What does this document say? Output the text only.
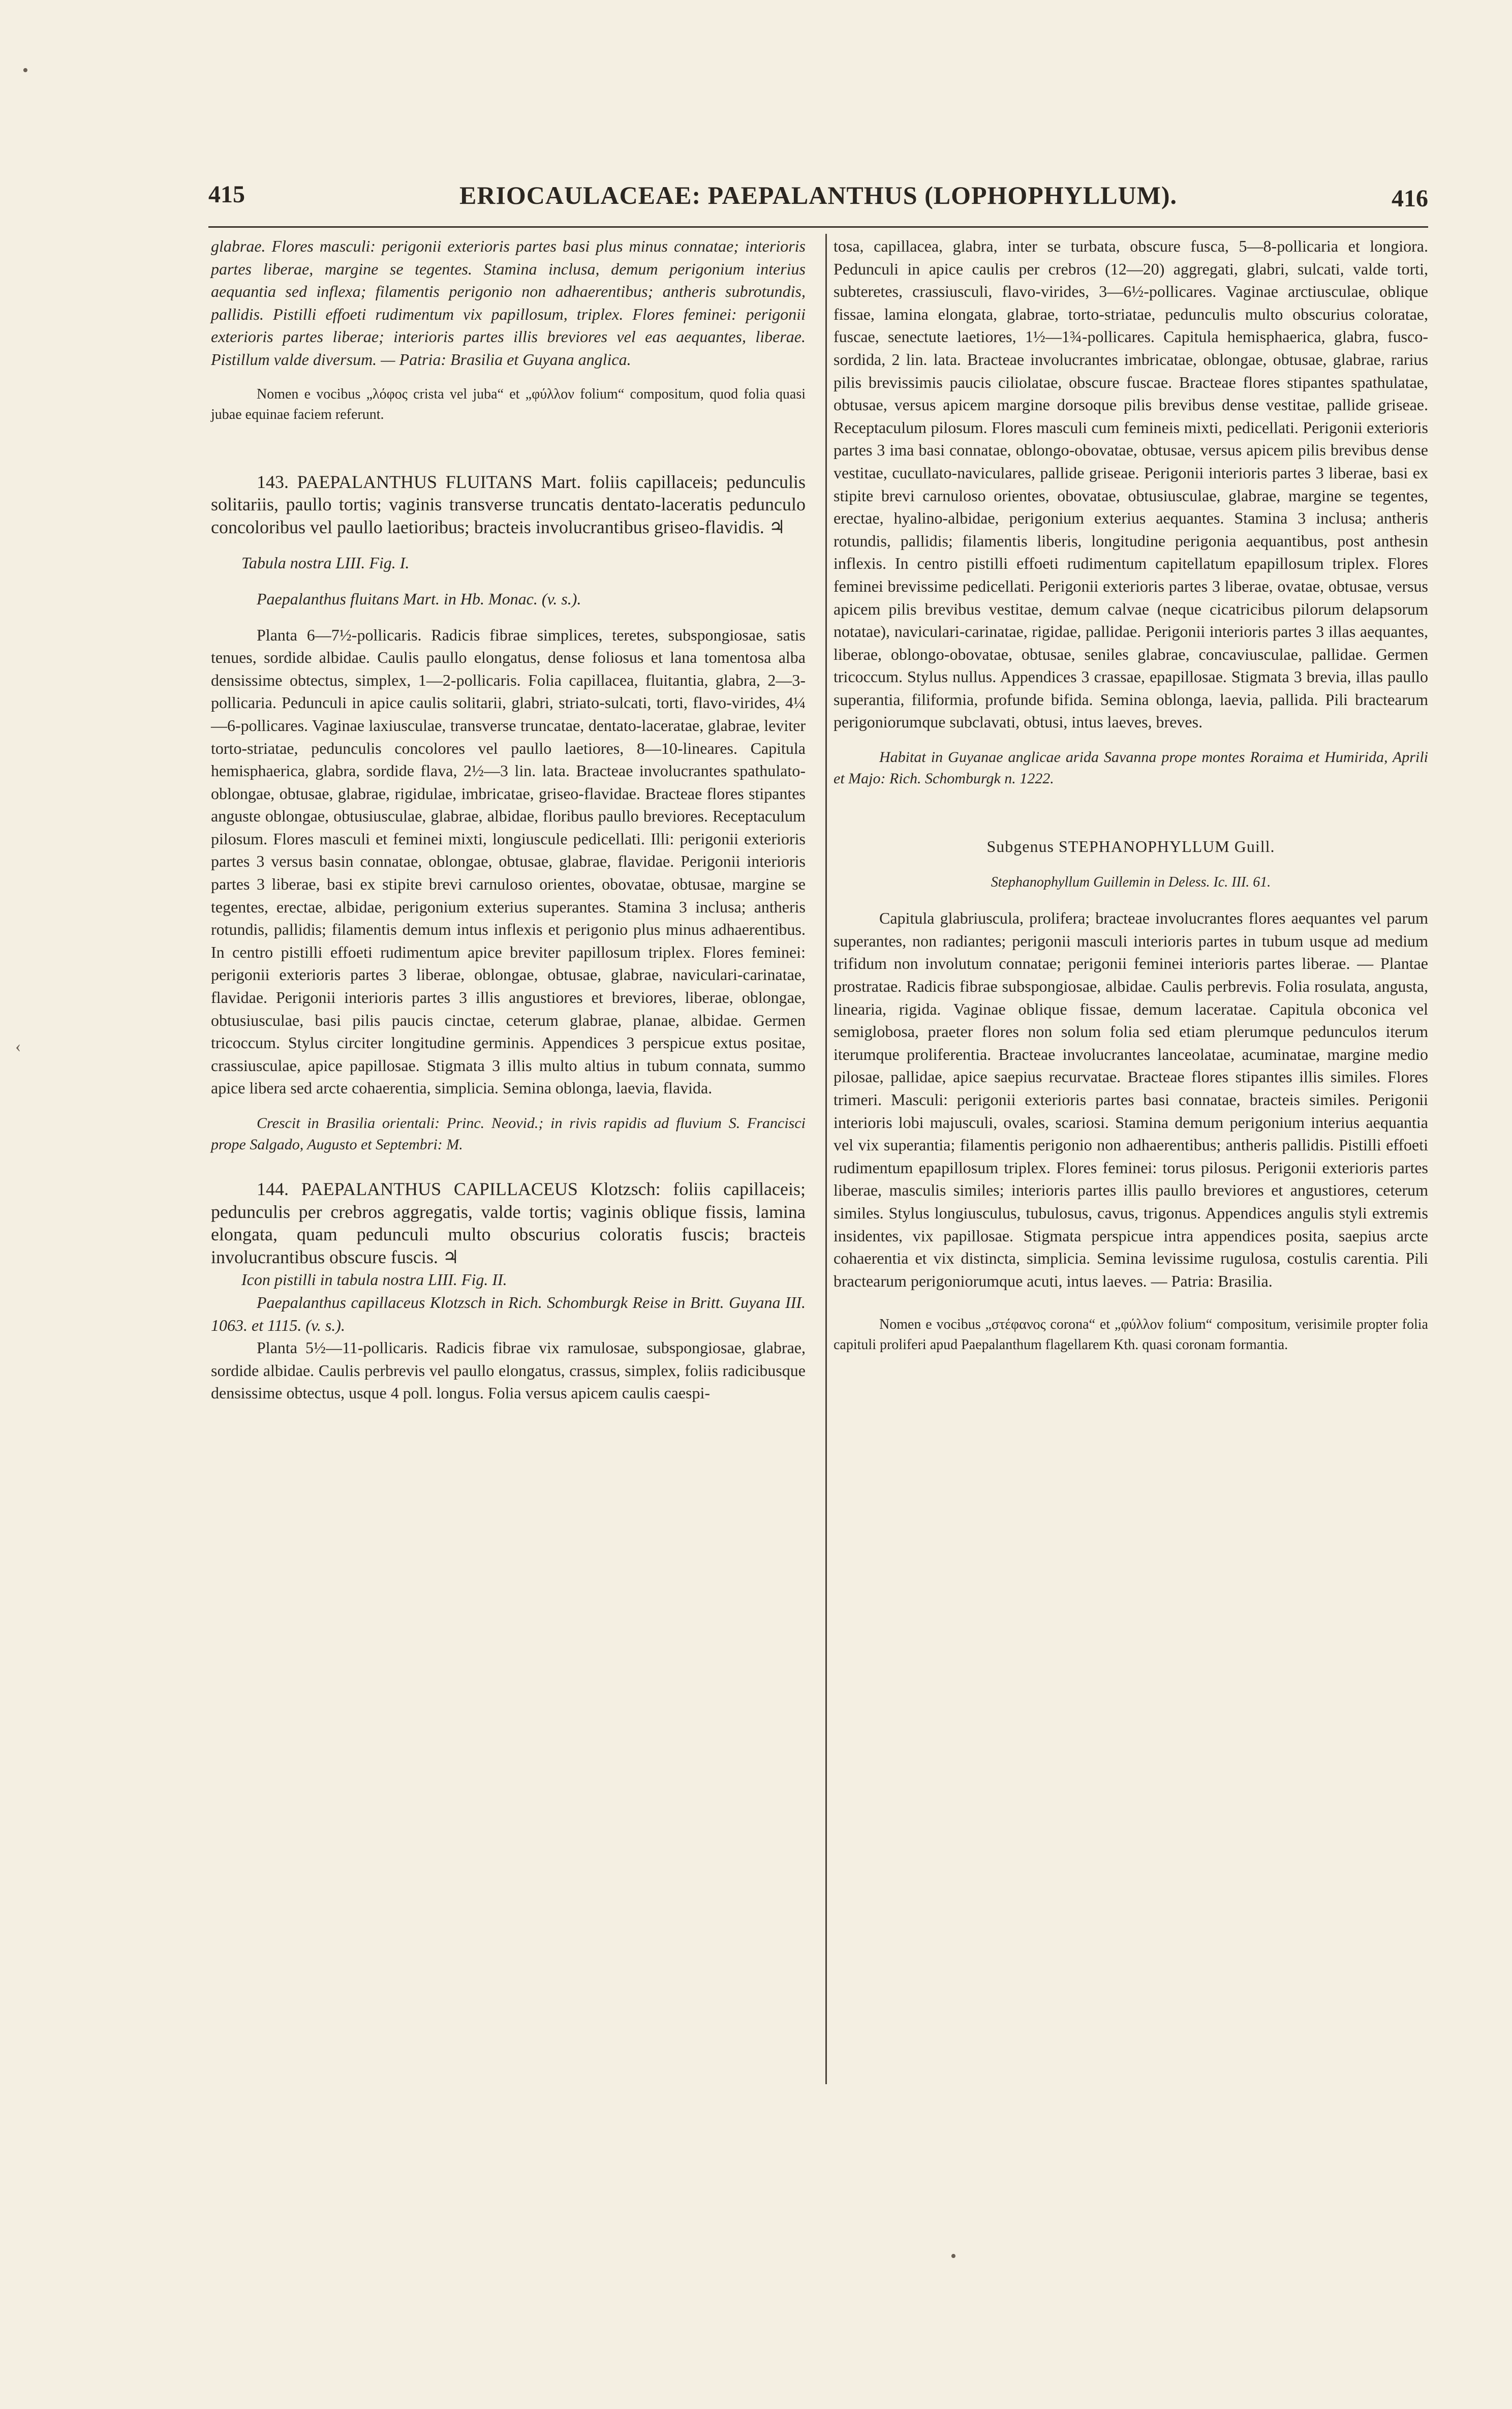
415	ERIOCAULACEAE: PAEPALANTHUS (LOPHOPHYLLUM).	416

glabrae. Flores masculi: perigonii exterioris partes basi plus minus connatae; interioris partes liberae, margine se tegentes. Stamina inclusa, demum perigonium interius aequantia sed inflexa; filamentis perigonio non adhaerentibus; antheris subrotundis, pallidis. Pistilli effoeti rudimentum vix papillosum, triplex. Flores feminei: perigonii exterioris partes liberae; interioris partes illis breviores vel eas aequantes, liberae. Pistillum valde diversum. — Patria: Brasilia et Guyana anglica.

Nomen e vocibus „λόφος crista vel juba“ et „φύλλον folium“ compositum, quod folia quasi jubae equinae faciem referunt.

143. PAEPALANTHUS FLUITANS Mart. foliis capillaceis; pedunculis solitariis, paullo tortis; vaginis transverse truncatis dentato-laceratis pedunculo concoloribus vel paullo laetioribus; bracteis involucrantibus griseo-flavidis. ♃

Tabula nostra LIII. Fig. I.

Paepalanthus fluitans Mart. in Hb. Monac. (v. s.).

Planta 6—7½-pollicaris. Radicis fibrae simplices, teretes, subspongiosae, satis tenues, sordide albidae. Caulis paullo elongatus, dense foliosus et lana tomentosa alba densissime obtectus, simplex, 1—2-pollicaris. Folia capillacea, fluitantia, glabra, 2—3-pollicaria. Pedunculi in apice caulis solitarii, glabri, striato-sulcati, torti, flavo-virides, 4¼—6-pollicares. Vaginae laxiusculae, transverse truncatae, dentato-laceratae, glabrae, leviter torto-striatae, pedunculis concolores vel paullo laetiores, 8—10-lineares. Capitula hemisphaerica, glabra, sordide flava, 2½—3 lin. lata. Bracteae involucrantes spathulato-oblongae, obtusae, glabrae, rigidulae, imbricatae, griseo-flavidae. Bracteae flores stipantes anguste oblongae, obtusiusculae, glabrae, albidae, floribus paullo breviores. Receptaculum pilosum. Flores masculi et feminei mixti, longiuscule pedicellati. Illi: perigonii exterioris partes 3 versus basin connatae, oblongae, obtusae, glabrae, flavidae. Perigonii interioris partes 3 liberae, basi ex stipite brevi carnuloso orientes, obovatae, obtusae, margine se tegentes, erectae, albidae, perigonium exterius superantes. Stamina 3 inclusa; antheris rotundis, pallidis; filamentis demum intus inflexis et perigonio plus minus adhaerentibus. In centro pistilli effoeti rudimentum apice breviter papillosum triplex. Flores feminei: perigonii exterioris partes 3 liberae, oblongae, obtusae, glabrae, naviculari-carinatae, flavidae. Perigonii interioris partes 3 illis angustiores et breviores, liberae, oblongae, obtusiusculae, basi pilis paucis cinctae, ceterum glabrae, planae, albidae. Germen tricoccum. Stylus circiter longitudine germinis. Appendices 3 perspicue extus positae, crassiusculae, apice papillosae. Stigmata 3 illis multo altius in tubum connata, summo apice libera sed arcte cohaerentia, simplicia. Semina oblonga, laevia, flavida.

Crescit in Brasilia orientali: Princ. Neovid.; in rivis rapidis ad fluvium S. Francisci prope Salgado, Augusto et Septembri: M.

144. PAEPALANTHUS CAPILLACEUS Klotzsch: foliis capillaceis; pedunculis per crebros aggregatis, valde tortis; vaginis oblique fissis, lamina elongata, quam pedunculi multo obscurius coloratis fuscis; bracteis involucrantibus obscure fuscis. ♃

Icon pistilli in tabula nostra LIII. Fig. II.

Paepalanthus capillaceus Klotzsch in Rich. Schomburgk Reise in Britt. Guyana III. 1063. et 1115. (v. s.).

Planta 5½—11-pollicaris. Radicis fibrae vix ramulosae, subspongiosae, glabrae, sordide albidae. Caulis perbrevis vel paullo elongatus, crassus, simplex, foliis radicibusque densissime obtectus, usque 4 poll. longus. Folia versus apicem caulis caespi-

tosa, capillacea, glabra, inter se turbata, obscure fusca, 5—8-pollicaria et longiora. Pedunculi in apice caulis per crebros (12—20) aggregati, glabri, sulcati, valde torti, subteretes, crassiusculi, flavo-virides, 3—6½-pollicares. Vaginae arctiusculae, oblique fissae, lamina elongata, glabrae, torto-striatae, pedunculis multo obscurius coloratae, fuscae, senectute laetiores, 1½—1¾-pollicares. Capitula hemisphaerica, glabra, fusco-sordida, 2 lin. lata. Bracteae involucrantes imbricatae, oblongae, obtusae, glabrae, rarius pilis brevissimis paucis ciliolatae, obscure fuscae. Bracteae flores stipantes spathulatae, obtusae, versus apicem margine dorsoque pilis brevibus dense vestitae, pallide griseae. Receptaculum pilosum. Flores masculi cum femineis mixti, pedicellati. Perigonii exterioris partes 3 ima basi connatae, oblongo-obovatae, obtusae, versus apicem pilis brevibus dense vestitae, cucullato-naviculares, pallide griseae. Perigonii interioris partes 3 liberae, basi ex stipite brevi carnuloso orientes, obovatae, obtusiusculae, glabrae, margine se tegentes, erectae, hyalino-albidae, perigonium exterius aequantes. Stamina 3 inclusa; antheris rotundis, pallidis; filamentis liberis, longitudine perigonia aequantibus, post anthesin inflexis. In centro pistilli effoeti rudimentum capitellatum epapillosum triplex. Flores feminei brevissime pedicellati. Perigonii exterioris partes 3 liberae, ovatae, obtusae, versus apicem pilis brevibus vestitae, demum calvae (neque cicatricibus pilorum delapsorum notatae), naviculari-carinatae, rigidae, pallidae. Perigonii interioris partes 3 illas aequantes, liberae, oblongo-obovatae, obtusae, seniles glabrae, concaviusculae, pallidae. Germen tricoccum. Stylus nullus. Appendices 3 crassae, epapillosae. Stigmata 3 brevia, illas paullo superantia, filiformia, profunde bifida. Semina oblonga, laevia, pallida. Pili bractearum perigoniorumque subclavati, obtusi, intus laeves, breves.

Habitat in Guyanae anglicae arida Savanna prope montes Roraima et Humirida, Aprili et Majo: Rich. Schomburgk n. 1222.

Subgenus STEPHANOPHYLLUM Guill.

Stephanophyllum Guillemin in Deless. Ic. III. 61.

Capitula glabriuscula, prolifera; bracteae involucrantes flores aequantes vel parum superantes, non radiantes; perigonii masculi interioris partes in tubum usque ad medium trifidum non involutum connatae; perigonii feminei interioris partes liberae. — Plantae prostratae. Radicis fibrae subspongiosae, albidae. Caulis perbrevis. Folia rosulata, angusta, linearia, rigida. Vaginae oblique fissae, demum laceratae. Capitula obconica vel semiglobosa, praeter flores non solum folia sed etiam plerumque pedunculos iterum iterumque proliferentia. Bracteae involucrantes lanceolatae, acuminatae, margine medio pilosae, pallidae, apice saepius recurvatae. Bracteae flores stipantes illis similes. Flores trimeri. Masculi: perigonii exterioris partes basi connatae, bracteis similes. Perigonii interioris lobi majusculi, ovales, scariosi. Stamina demum perigonium interius aequantia vel vix superantia; filamentis perigonio non adhaerentibus; antheris pallidis. Pistilli effoeti rudimentum epapillosum triplex. Flores feminei: torus pilosus. Perigonii exterioris partes liberae, masculis similes; interioris partes illis paullo breviores et angustiores, ceterum similes. Stylus longiusculus, tubulosus, cavus, trigonus. Appendices angulis styli extremis insidentes, vix papillosae. Stigmata perspicue intra appendices posita, saepius arcte cohaerentia et vix distincta, simplicia. Semina levissime rugulosa, costulis carentia. Pili bractearum perigoniorumque acuti, intus laeves. — Patria: Brasilia.

Nomen e vocibus „στέφανος corona“ et „φύλλον folium“ compositum, verisimile propter folia capituli proliferi apud Paepalanthum flagellarem Kth. quasi coronam formantia.

•
‹
•
